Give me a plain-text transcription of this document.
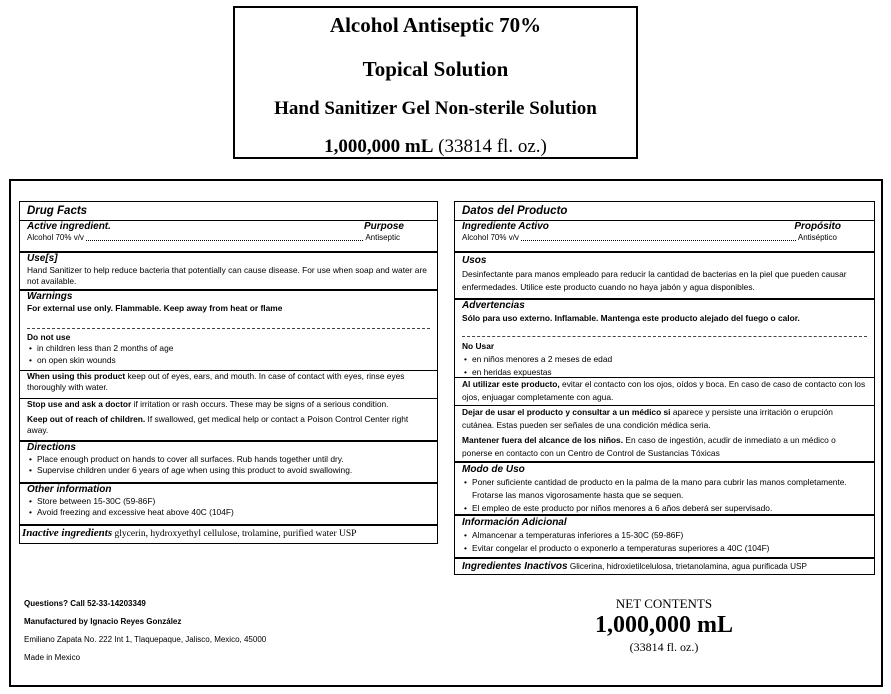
Alcohol Antiseptic 70%
Topical Solution
Hand Sanitizer Gel Non-sterile Solution
1,000,000 mL (33814 fl. oz.)
Drug Facts
Active ingredient.	Purpose
Alcohol 70% v/v	Antiseptic
Use[s]
Hand Sanitizer to help reduce bacteria that potentially can cause disease. For use when soap and water are not available.
Warnings
For external use only. Flammable. Keep away from heat or flame
Do not use
• in children less than 2 months of age
• on open skin wounds
When using this product keep out of eyes, ears, and mouth. In case of contact with eyes, rinse eyes thoroughly with water.
Stop use and ask a doctor if irritation or rash occurs. These may be signs of a serious condition.
Keep out of reach of children. If swallowed, get medical help or contact a Poison Control Center right away.
Directions
• Place enough product on hands to cover all surfaces. Rub hands together until dry.
• Supervise children under 6 years of age when using this product to avoid swallowing.
Other information
• Store between 15-30C (59-86F)
• Avoid freezing and excessive heat above 40C (104F)
Inactive ingredients glycerin, hydroxyethyl cellulose, trolamine, purified water USP
Datos del Producto
Ingrediente Activo	Propósito
Alcohol 70% v/v	Antiséptico
Usos
Desinfectante para manos empleado para reducir la cantidad de bacterias en la piel que pueden causar enfermedades. Utilice este producto cuando no haya jabón y agua disponibles.
Advertencias
Sólo para uso externo. Inflamable. Mantenga este producto alejado del fuego o calor.
No Usar
• en niños menores a 2 meses de edad
• en heridas expuestas
Al utilizar este producto, evitar el contacto con los ojos, oídos y boca. En caso de caso de contacto con los ojos, enjuagar completamente con agua.
Dejar de usar el producto y consultar a un médico si aparece y persiste una irritación o erupción cutánea. Estas pueden ser señales de una condición médica seria.
Mantener fuera del alcance de los niños. En caso de ingestión, acudir de inmediato a un médico o ponerse en contacto con un Centro de Control de Sustancias Tóxicas
Modo de Uso
• Poner suficiente cantidad de producto en la palma de la mano para cubrir las manos completamente. Frotarse las manos vigorosamente hasta que se sequen.
• El empleo de este producto por niños menores a 6 años deberá ser supervisado.
Información Adicional
• Almancenar a temperaturas inferiores a 15-30C (59-86F)
• Evitar congelar el producto o exponerlo a temperaturas superiores a 40C (104F)
Ingredientes Inactivos Glicerina, hidroxietilcelulosa, trietanolamina, agua purificada USP
Questions? Call 52-33-14203349
Manufactured by Ignacio Reyes González
Emiliano Zapata No. 222 Int 1, Tlaquepaque, Jalisco, Mexico, 45000
Made in Mexico
NET CONTENTS
1,000,000 mL
(33814 fl. oz.)
